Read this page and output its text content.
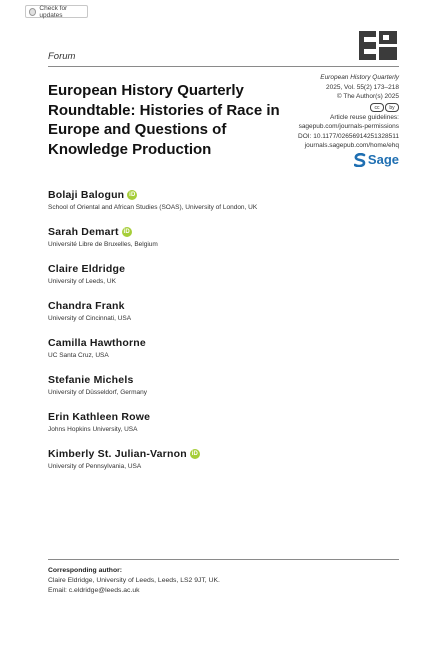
Check for updates
Forum
European History Quarterly
2025, Vol. 55(2) 173–218
© The Author(s) 2025
cc	by
Article reuse guidelines:
sagepub.com/journals-permissions
DOI: 10.1177/02656914251328511
journals.sagepub.com/home/ehq
Sage
European History Quarterly Roundtable: Histories of Race in Europe and Questions of Knowledge Production
Bolaji Balogun iD
School of Oriental and African Studies (SOAS), University of London, UK
Sarah Demart iD
Université Libre de Bruxelles, Belgium
Claire Eldridge
University of Leeds, UK
Chandra Frank
University of Cincinnati, USA
Camilla Hawthorne
UC Santa Cruz, USA
Stefanie Michels
University of Düsseldorf, Germany
Erin Kathleen Rowe
Johns Hopkins University, USA
Kimberly St. Julian-Varnon iD
University of Pennsylvania, USA
Corresponding author:
Claire Eldridge, University of Leeds, Leeds, LS2 9JT, UK.
Email: c.eldridge@leeds.ac.uk
